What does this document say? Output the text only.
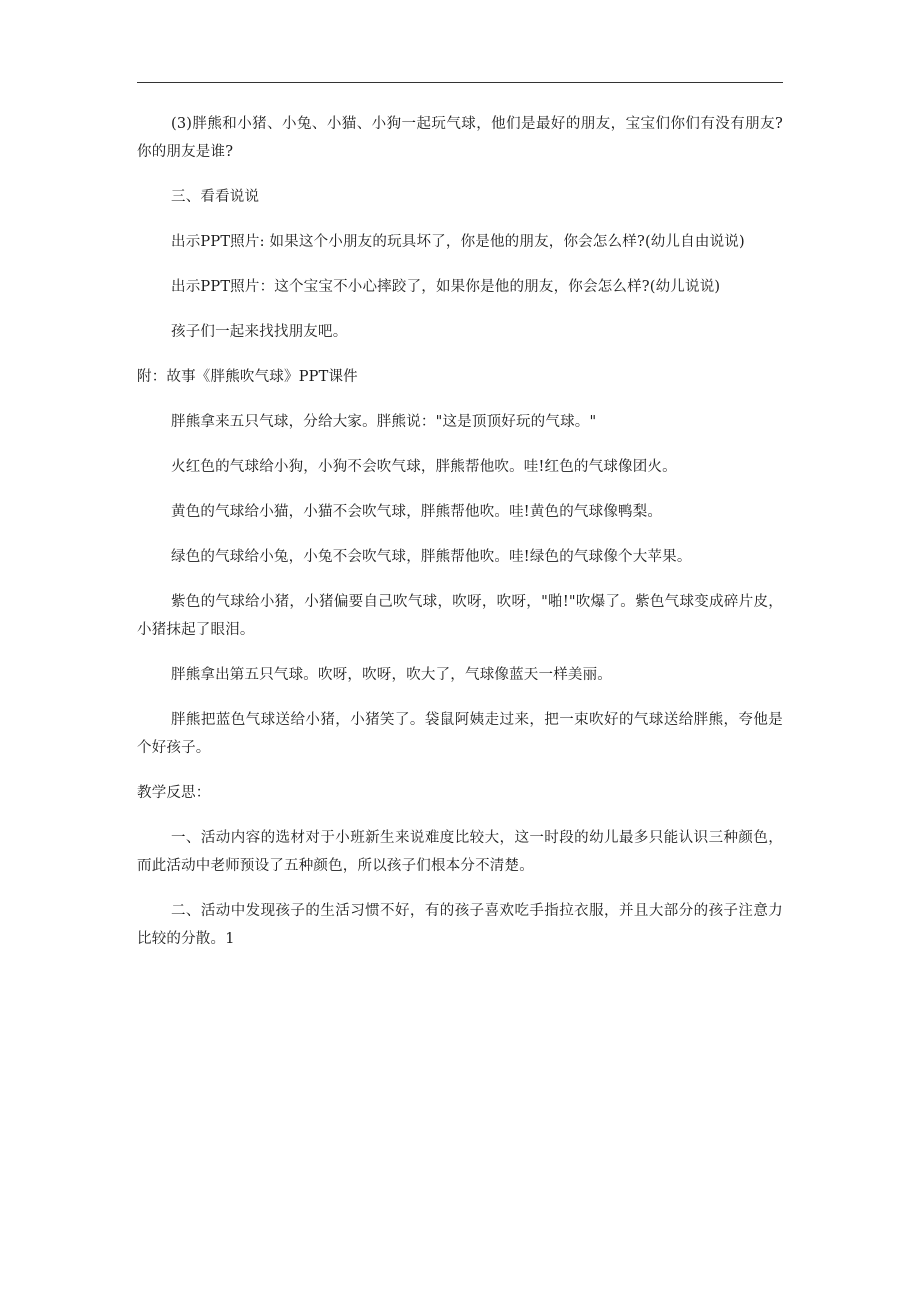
(3)胖熊和小猪、小兔、小猫、小狗一起玩气球，他们是最好的朋友，宝宝们你们有没有朋友?你的朋友是谁?

三、看看说说

出示PPT照片: 如果这个小朋友的玩具坏了，你是他的朋友，你会怎么样?(幼儿自由说说)

出示PPT照片：这个宝宝不小心摔跤了，如果你是他的朋友，你会怎么样?(幼儿说说)

孩子们一起来找找朋友吧。

附：故事《胖熊吹气球》PPT课件

胖熊拿来五只气球，分给大家。胖熊说："这是顶顶好玩的气球。"

火红色的气球给小狗，小狗不会吹气球，胖熊帮他吹。哇!红色的气球像团火。

黄色的气球给小猫，小猫不会吹气球，胖熊帮他吹。哇!黄色的气球像鸭梨。

绿色的气球给小兔，小兔不会吹气球，胖熊帮他吹。哇!绿色的气球像个大苹果。

紫色的气球给小猪，小猪偏要自己吹气球，吹呀，吹呀，"啪!"吹爆了。紫色气球变成碎片皮，小猪抹起了眼泪。

胖熊拿出第五只气球。吹呀，吹呀，吹大了，气球像蓝天一样美丽。

胖熊把蓝色气球送给小猪，小猪笑了。袋鼠阿姨走过来，把一束吹好的气球送给胖熊，夸他是个好孩子。

教学反思：

一、活动内容的选材对于小班新生来说难度比较大，这一时段的幼儿最多只能认识三种颜色，而此活动中老师预设了五种颜色，所以孩子们根本分不清楚。

二、活动中发现孩子的生活习惯不好，有的孩子喜欢吃手指拉衣服，并且大部分的孩子注意力比较的分散。1
